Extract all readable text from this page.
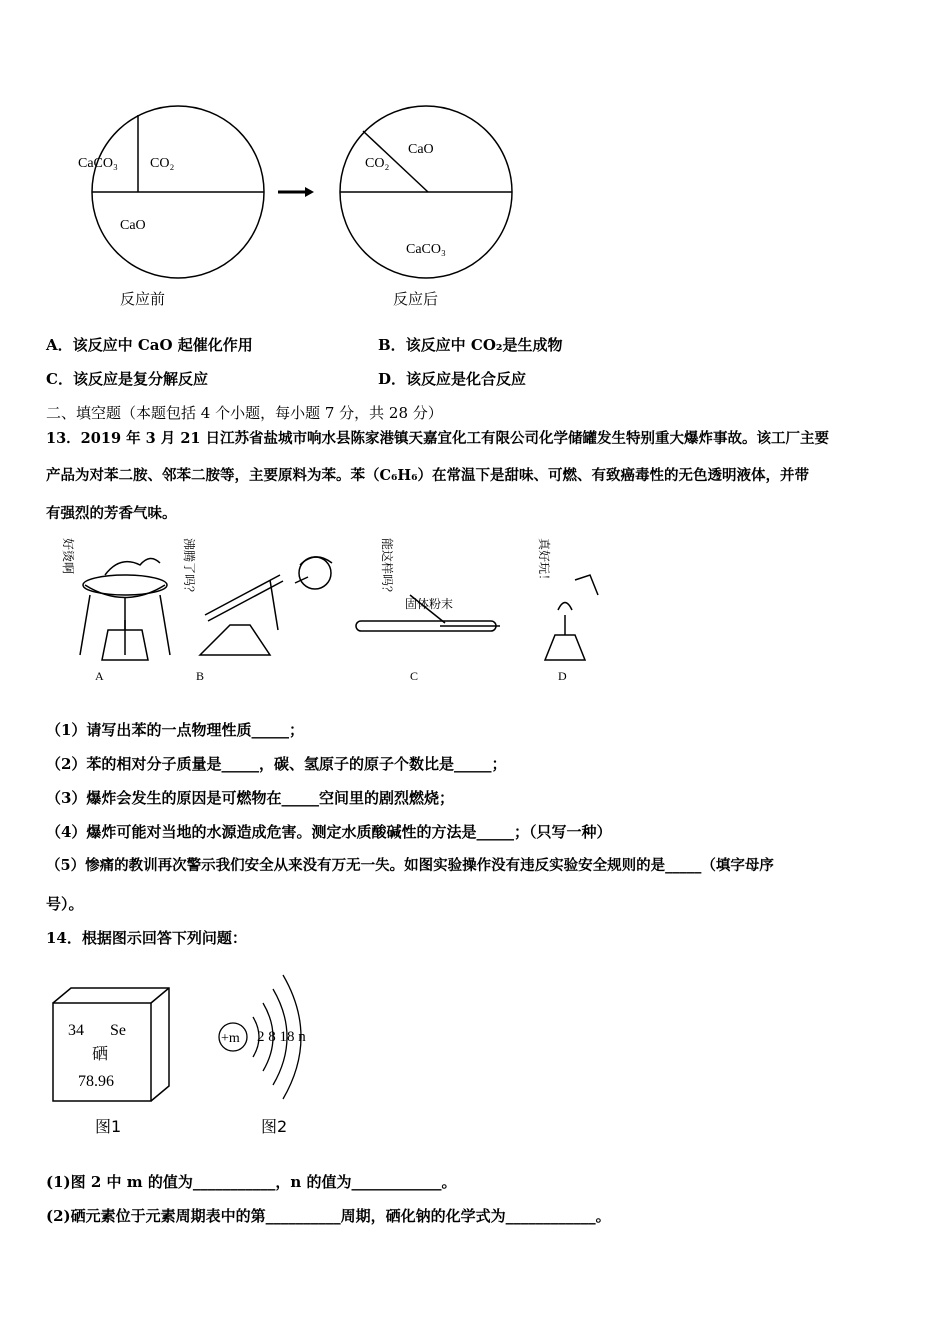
CaCO₃ CO₂
CaO
CaO
CO₂
CaCO₃
反应前	反应后
A．该反应中 CaO 起催化作用	B．该反应中 CO₂是生成物
C．该反应是复分解反应	D．该反应是化合反应
二、填空题（本题包括 4 个小题，每小题 7 分，共 28 分）
13．2019 年 3 月 21 日江苏省盐城市响水县陈家港镇天嘉宜化工有限公司化学储罐发生特别重大爆炸事故。该工厂主要
产品为对苯二胺、邻苯二胺等，主要原料为苯。苯（C₆H₆）在常温下是甜味、可燃、有致癌毒性的无色透明液体，并带
有强烈的芳香气味。
好烫啊	沸腾了吗？	能这样吗？
固体粉末
真好玩！
A	B	C	D
（1）请写出苯的一点物理性质_____；
（2）苯的相对分子质量是_____，碳、氢原子的原子个数比是_____；
（3）爆炸会发生的原因是可燃物在_____空间里的剧烈燃烧；
（4）爆炸可能对当地的水源造成危害。测定水质酸碱性的方法是_____；（只写一种）
（5）惨痛的教训再次警示我们安全从来没有万无一失。如图实验操作没有违反实验安全规则的是_____（填字母序
号）。
14．根据图示回答下列问题：
34 Se
硒
78.96
图1
+m 2 8 18 n
图2
(1)图 2 中 m 的值为___________，n 的值为____________。
(2)硒元素位于元素周期表中的第__________周期，硒化钠的化学式为____________。
